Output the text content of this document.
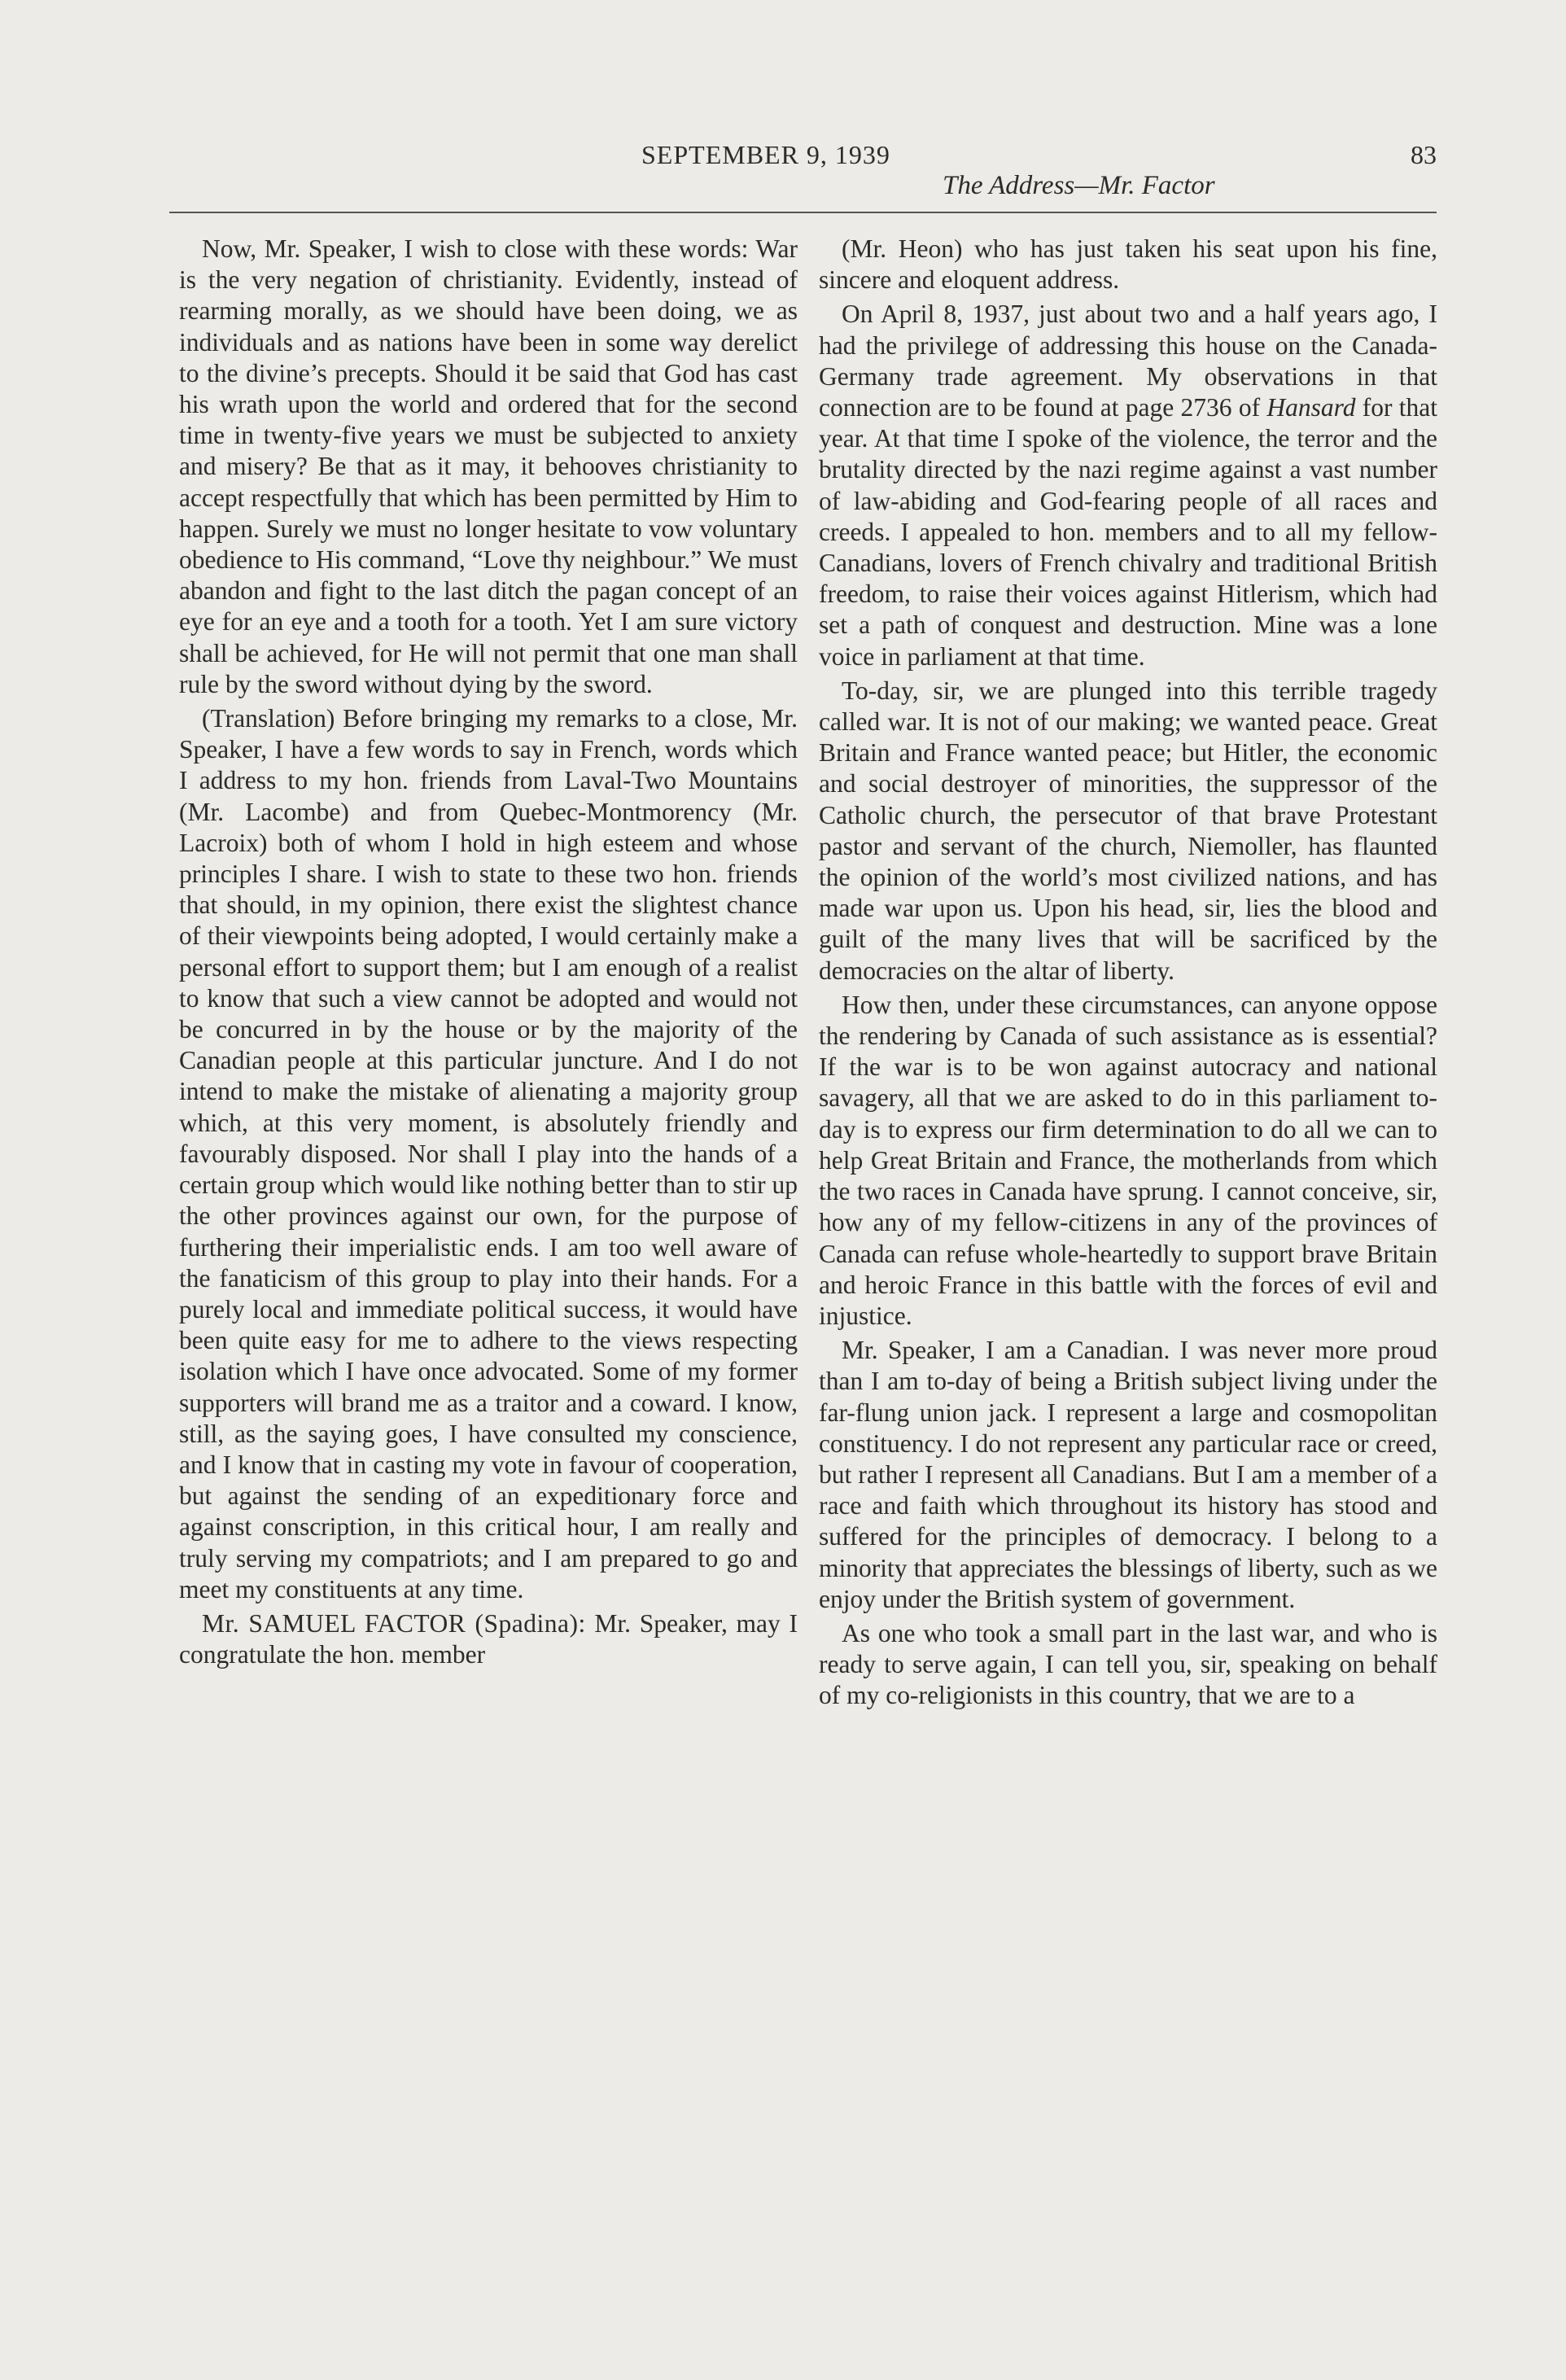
SEPTEMBER 9, 1939	83
The Address—Mr. Factor

Now, Mr. Speaker, I wish to close with these words: War is the very negation of christianity. Evidently, instead of rearming morally, as we should have been doing, we as individuals and as nations have been in some way derelict to the divine’s precepts. Should it be said that God has cast his wrath upon the world and ordered that for the second time in twenty-five years we must be subjected to anxiety and misery? Be that as it may, it behooves christianity to accept respectfully that which has been permitted by Him to happen. Surely we must no longer hesitate to vow voluntary obedience to His command, “Love thy neighbour.” We must abandon and fight to the last ditch the pagan concept of an eye for an eye and a tooth for a tooth. Yet I am sure victory shall be achieved, for He will not permit that one man shall rule by the sword without dying by the sword.

(Translation) Before bringing my remarks to a close, Mr. Speaker, I have a few words to say in French, words which I address to my hon. friends from Laval-Two Mountains (Mr. Lacombe) and from Quebec-Montmorency (Mr. Lacroix) both of whom I hold in high esteem and whose principles I share. I wish to state to these two hon. friends that should, in my opinion, there exist the slightest chance of their viewpoints being adopted, I would certainly make a personal effort to support them; but I am enough of a realist to know that such a view cannot be adopted and would not be concurred in by the house or by the majority of the Canadian people at this particular juncture. And I do not intend to make the mistake of alienating a majority group which, at this very moment, is absolutely friendly and favourably disposed. Nor shall I play into the hands of a certain group which would like nothing better than to stir up the other provinces against our own, for the purpose of furthering their imperialistic ends. I am too well aware of the fanaticism of this group to play into their hands. For a purely local and immediate political success, it would have been quite easy for me to adhere to the views respecting isolation which I have once advocated. Some of my former supporters will brand me as a traitor and a coward. I know, still, as the saying goes, I have consulted my conscience, and I know that in casting my vote in favour of cooperation, but against the sending of an expeditionary force and against conscription, in this critical hour, I am really and truly serving my compatriots; and I am prepared to go and meet my constituents at any time.

Mr. SAMUEL FACTOR (Spadina): Mr. Speaker, may I congratulate the hon. member

(Mr. Heon) who has just taken his seat upon his fine, sincere and eloquent address.

On April 8, 1937, just about two and a half years ago, I had the privilege of addressing this house on the Canada-Germany trade agreement. My observations in that connection are to be found at page 2736 of Hansard for that year. At that time I spoke of the violence, the terror and the brutality directed by the nazi regime against a vast number of law-abiding and God-fearing people of all races and creeds. I appealed to hon. members and to all my fellow-Canadians, lovers of French chivalry and traditional British freedom, to raise their voices against Hitlerism, which had set a path of conquest and destruction. Mine was a lone voice in parliament at that time.

To-day, sir, we are plunged into this terrible tragedy called war. It is not of our making; we wanted peace. Great Britain and France wanted peace; but Hitler, the economic and social destroyer of minorities, the suppressor of the Catholic church, the persecutor of that brave Protestant pastor and servant of the church, Niemoller, has flaunted the opinion of the world’s most civilized nations, and has made war upon us. Upon his head, sir, lies the blood and guilt of the many lives that will be sacrificed by the democracies on the altar of liberty.

How then, under these circumstances, can anyone oppose the rendering by Canada of such assistance as is essential? If the war is to be won against autocracy and national savagery, all that we are asked to do in this parliament to-day is to express our firm determination to do all we can to help Great Britain and France, the motherlands from which the two races in Canada have sprung. I cannot conceive, sir, how any of my fellow-citizens in any of the provinces of Canada can refuse whole-heartedly to support brave Britain and heroic France in this battle with the forces of evil and injustice.

Mr. Speaker, I am a Canadian. I was never more proud than I am to-day of being a British subject living under the far-flung union jack. I represent a large and cosmopolitan constituency. I do not represent any particular race or creed, but rather I represent all Canadians. But I am a member of a race and faith which throughout its history has stood and suffered for the principles of democracy. I belong to a minority that appreciates the blessings of liberty, such as we enjoy under the British system of government.

As one who took a small part in the last war, and who is ready to serve again, I can tell you, sir, speaking on behalf of my co-religionists in this country, that we are to a
